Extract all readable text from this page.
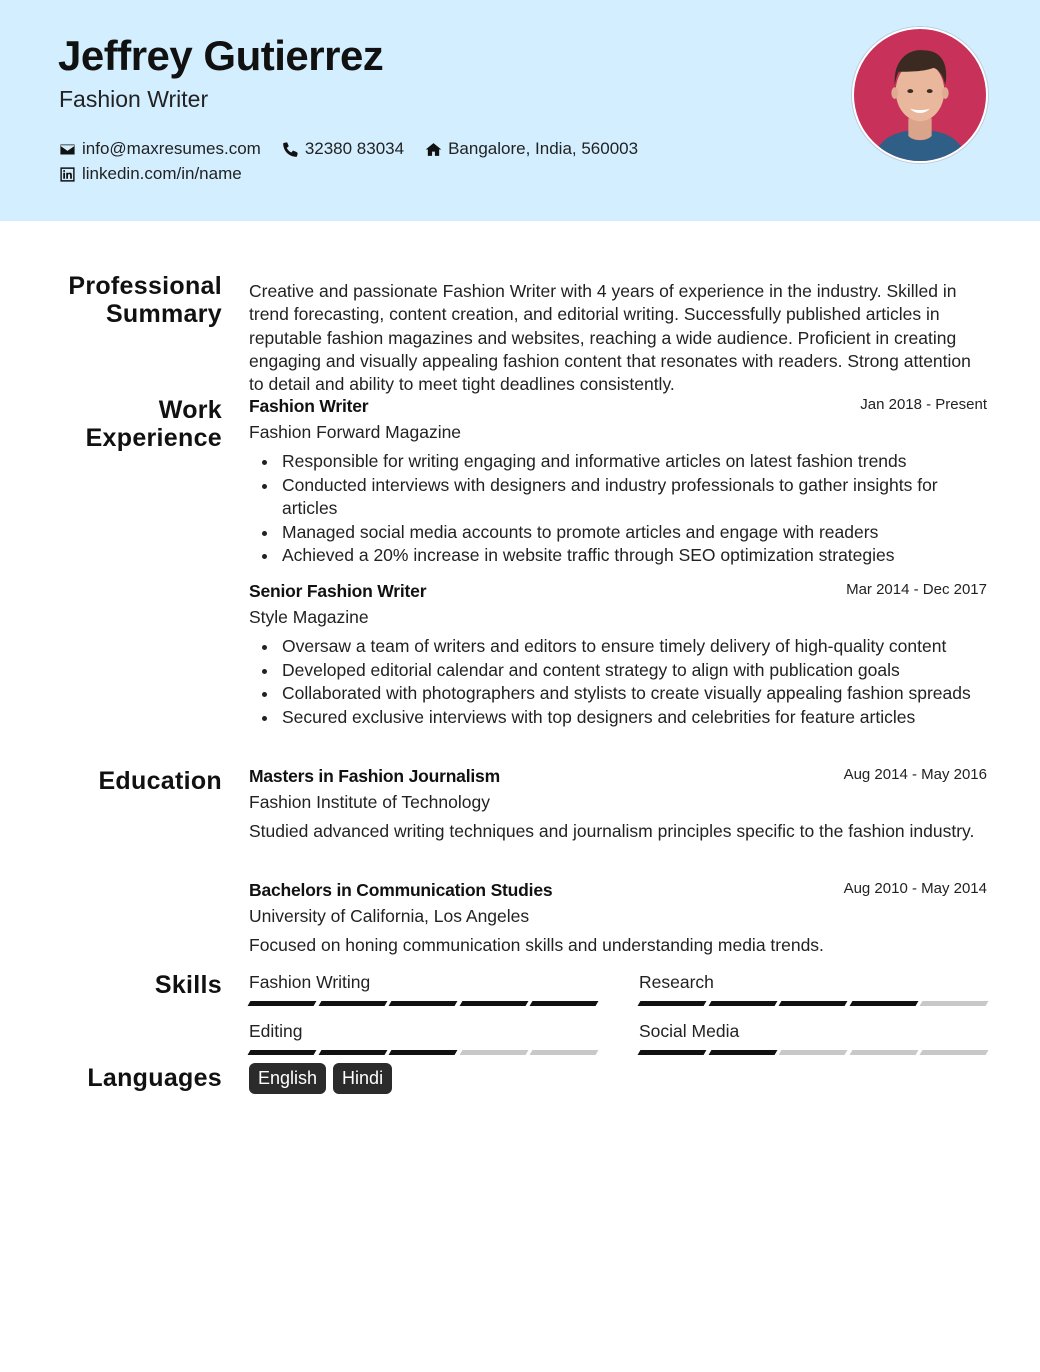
Jeffrey Gutierrez
Fashion Writer
info@maxresumes.com	32380 83034	Bangalore, India, 560003
linkedin.com/in/name
Professional
Summary

Creative and passionate Fashion Writer with 4 years of experience in the industry. Skilled in trend forecasting, content creation, and editorial writing. Successfully published articles in reputable fashion magazines and websites, reaching a wide audience. Proficient in creating engaging and visually appealing fashion content that resonates with readers. Strong attention to detail and ability to meet tight deadlines consistently.

Work
Experience
Fashion Writer	Jan 2018 - Present
Fashion Forward Magazine
Responsible for writing engaging and informative articles on latest fashion trends
Conducted interviews with designers and industry professionals to gather insights for articles
Managed social media accounts to promote articles and engage with readers
Achieved a 20% increase in website traffic through SEO optimization strategies
Senior Fashion Writer	Mar 2014 - Dec 2017
Style Magazine
Oversaw a team of writers and editors to ensure timely delivery of high-quality content
Developed editorial calendar and content strategy to align with publication goals
Collaborated with photographers and stylists to create visually appealing fashion spreads
Secured exclusive interviews with top designers and celebrities for feature articles
Education Masters in Fashion Journalism	Aug 2014 - May 2016
Fashion Institute of Technology

Studied advanced writing techniques and journalism principles specific to the fashion industry.

Bachelors in Communication Studies	Aug 2010 - May 2014
University of California, Los Angeles

Focused on honing communication skills and understanding media trends.

Skills Fashion Writing	Research
Editing	Social Media
Languages	English	Hindi
